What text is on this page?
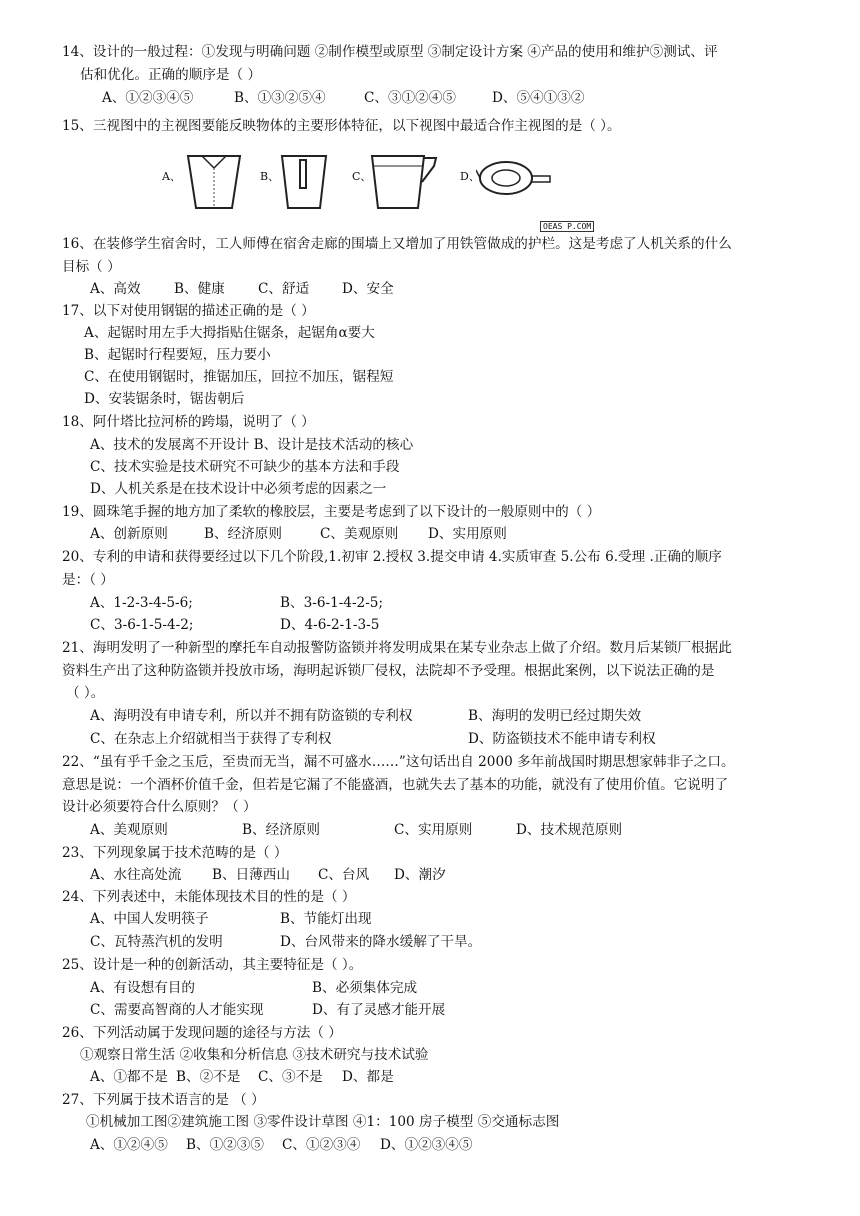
14、设计的一般过程：①发现与明确问题 ②制作模型或原型 ③制定设计方案 ④产品的使用和维护⑤测试、评
估和优化。正确的顺序是（ ）
A、①②③④⑤	B、①③②⑤④	C、③①②④⑤	D、⑤④①③②
15、三视图中的主视图要能反映物体的主要形体特征，以下视图中最适合作主视图的是（ ）。
A、	B、	C、	D、
OEAS P.COM
16、在装修学生宿舍时，工人师傅在宿舍走廊的围墙上又增加了用铁管做成的护栏。这是考虑了人机关系的什么
目标（ ）
A、高效 B、健康 C、舒适 D、安全
17、以下对使用钢锯的描述正确的是（ ）
A、起锯时用左手大拇指贴住锯条，起锯角α要大
B、起锯时行程要短，压力要小
C、在使用钢锯时，推锯加压，回拉不加压，锯程短
D、安装锯条时，锯齿朝后
18、阿什塔比拉河桥的跨塌，说明了（ ）
A、技术的发展离不开设计 B、设计是技术活动的核心
C、技术实验是技术研究不可缺少的基本方法和手段
D、人机关系是在技术设计中必须考虑的因素之一
19、圆珠笔手握的地方加了柔软的橡胶层，主要是考虑到了以下设计的一般原则中的（ ）
A、创新原则	B、经济原则	C、美观原则 D、实用原则
20、专利的申请和获得要经过以下几个阶段,1.初审 2.授权 3.提交申请 4.实质审查 5.公布 6.受理 .正确的顺序
是：（ ）
A、1-2-3-4-5-6;	B、3-6-1-4-2-5;
C、3-6-1-5-4-2;	D、4-6-2-1-3-5
21、海明发明了一种新型的摩托车自动报警防盗锁并将发明成果在某专业杂志上做了介绍。数月后某锁厂根据此
资料生产出了这种防盗锁并投放市场，海明起诉锁厂侵权，法院却不予受理。根据此案例，以下说法正确的是
（ ）。
A、海明没有申请专利，所以并不拥有防盗锁的专利权	B、海明的发明已经过期失效
C、在杂志上介绍就相当于获得了专利权	D、防盗锁技术不能申请专利权
22、“虽有乎千金之玉卮，至贵而无当，漏不可盛水……”这句话出自 2000 多年前战国时期思想家韩非子之口。
意思是说：一个酒杯价值千金，但若是它漏了不能盛酒，也就失去了基本的功能，就没有了使用价值。它说明了
设计必须要符合什么原则？（ ）
A、美观原则	B、经济原则	C、实用原则	D、技术规范原则
23、下列现象属于技术范畴的是（ ）
A、水往高处流 B、日薄西山 C、台风 D、潮汐
24、下列表述中，未能体现技术目的性的是（ ）
A、中国人发明筷子	B、节能灯出现
C、瓦特蒸汽机的发明	D、台风带来的降水缓解了干旱。
25、设计是一种的创新活动，其主要特征是（ ）。
A、有设想有目的	B、必须集体完成
C、需要高智商的人才能实现	D、有了灵感才能开展
26、下列活动属于发现问题的途径与方法（ ）
①观察日常生活 ②收集和分析信息 ③技术研究与技术试验
A、①都不是 B、②不是 C、③不是 D、都是
27、下列属于技术语言的是 （ ）
①机械加工图②建筑施工图 ③零件设计草图 ④1：100 房子模型 ⑤交通标志图
A、①②④⑤ B、①②③⑤ C、①②③④ D、①②③④⑤
